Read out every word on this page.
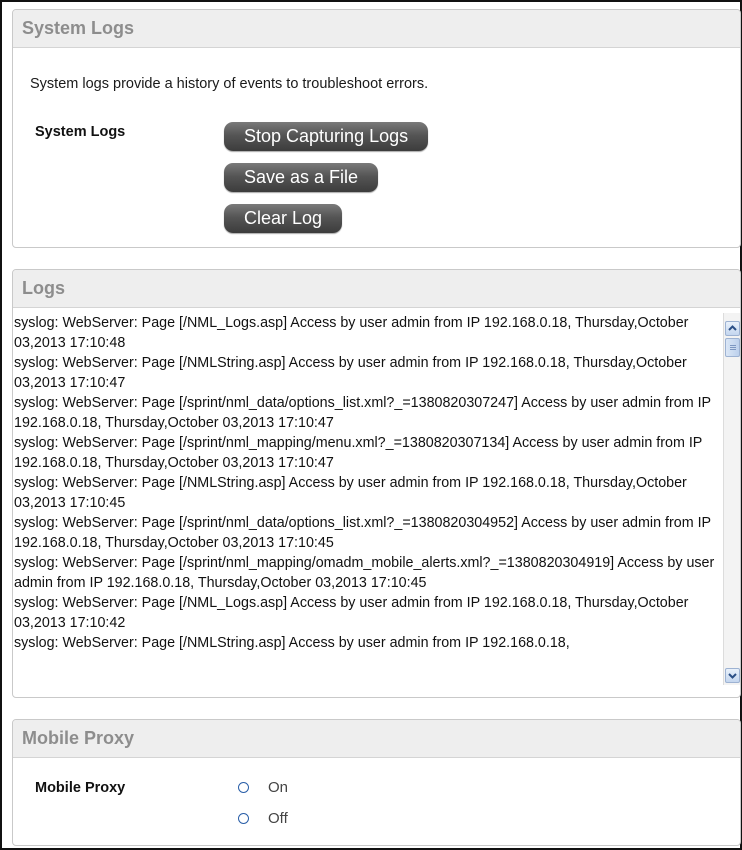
System Logs
System logs provide a history of events to troubleshoot errors.
System Logs	Stop Capturing Logs
Save as a File
Clear Log
Logs
syslog: WebServer: Page [/NML_Logs.asp] Access by user admin from IP 192.168.0.18, Thursday,October 03,2013 17:10:48
syslog: WebServer: Page [/NMLString.asp] Access by user admin from IP 192.168.0.18, Thursday,October 03,2013 17:10:47
syslog: WebServer: Page [/sprint/nml_data/options_list.xml?_=1380820307247] Access by user admin from IP 192.168.0.18, Thursday,October 03,2013 17:10:47
syslog: WebServer: Page [/sprint/nml_mapping/menu.xml?_=1380820307134] Access by user admin from IP 192.168.0.18, Thursday,October 03,2013 17:10:47
syslog: WebServer: Page [/NMLString.asp] Access by user admin from IP 192.168.0.18, Thursday,October 03,2013 17:10:45
syslog: WebServer: Page [/sprint/nml_data/options_list.xml?_=1380820304952] Access by user admin from IP 192.168.0.18, Thursday,October 03,2013 17:10:45
syslog: WebServer: Page [/sprint/nml_mapping/omadm_mobile_alerts.xml?_=1380820304919] Access by user admin from IP 192.168.0.18, Thursday,October 03,2013 17:10:45
syslog: WebServer: Page [/NML_Logs.asp] Access by user admin from IP 192.168.0.18, Thursday,October 03,2013 17:10:42
syslog: WebServer: Page [/NMLString.asp] Access by user admin from IP 192.168.0.18,
Mobile Proxy
Mobile Proxy	On
Off
